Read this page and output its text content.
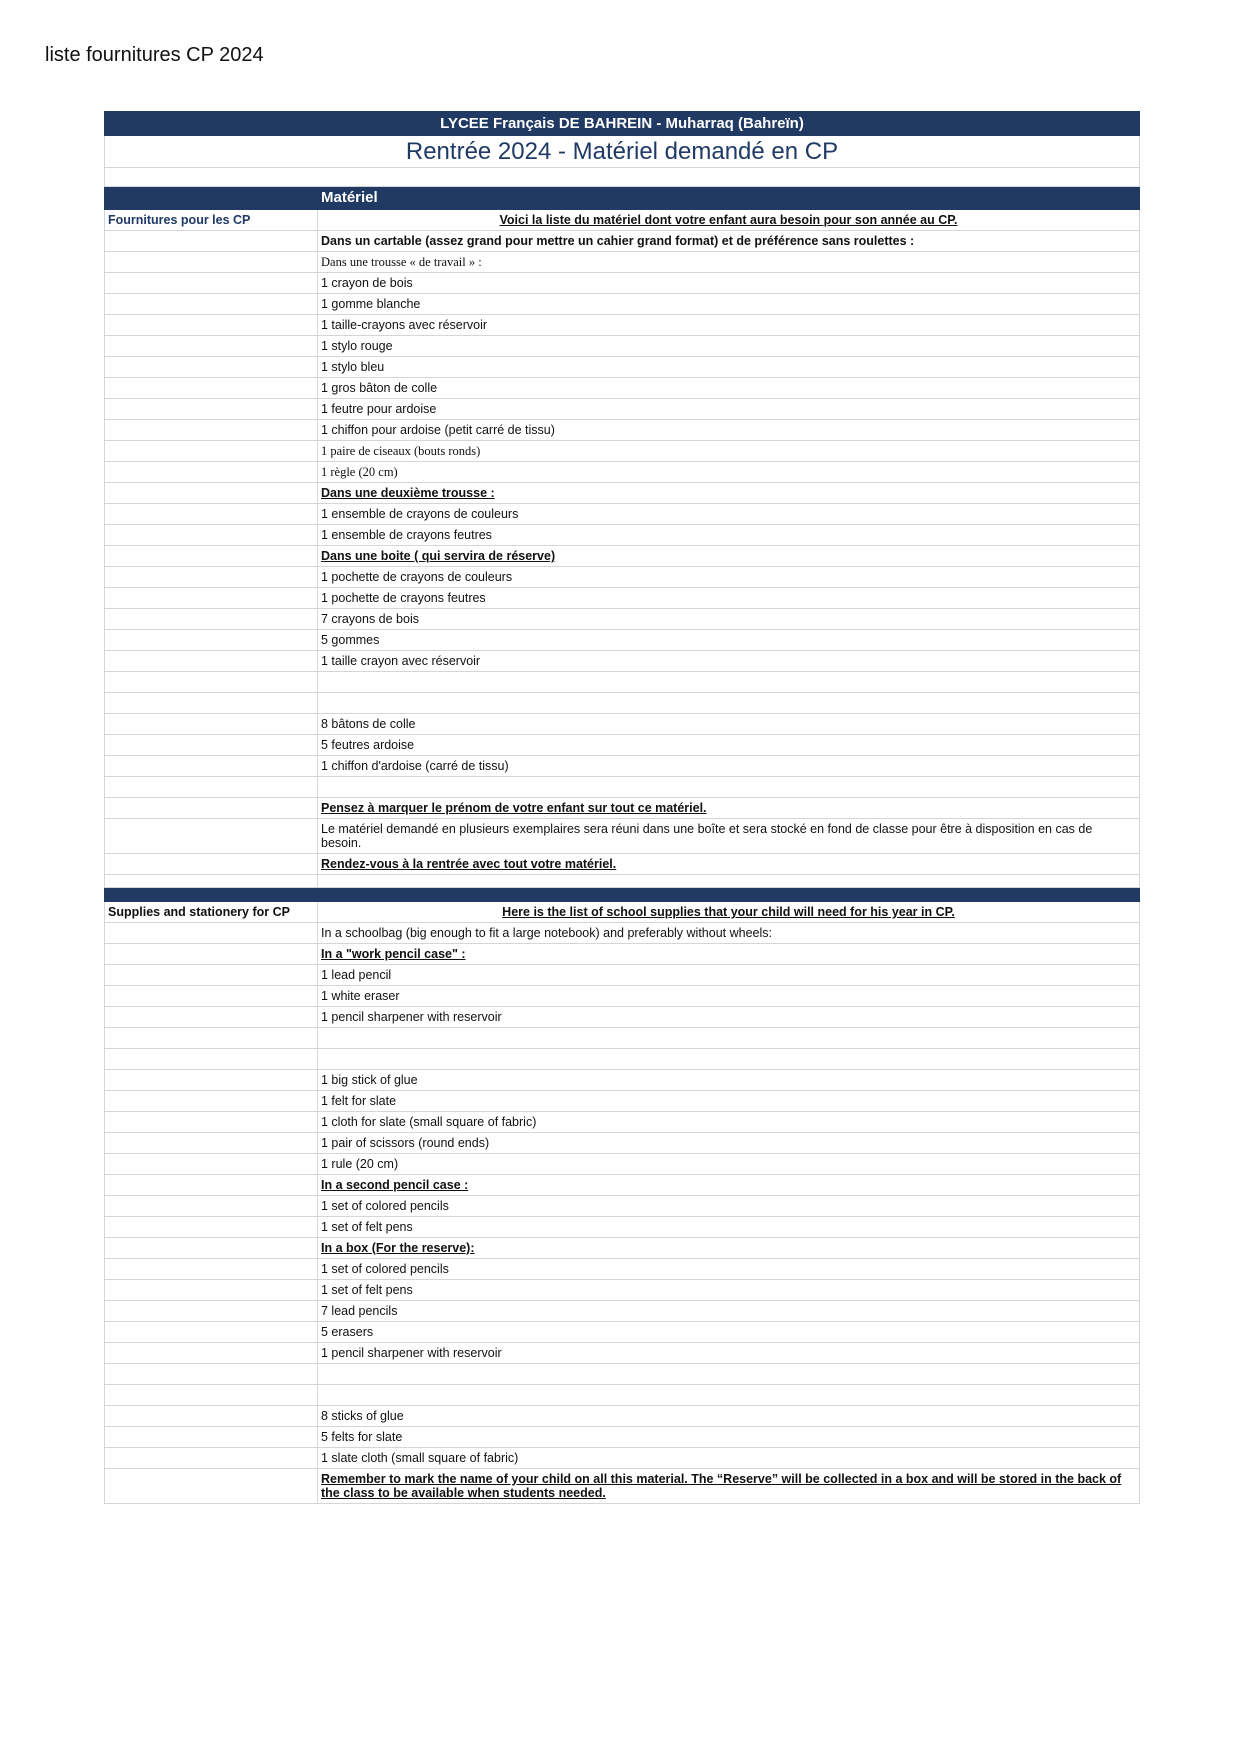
liste fournitures CP 2024
LYCEE Français DE BAHREIN - Muharraq (Bahreïn)	
Rentrée 2024 - Matériel demandé en CP	

	Matériel
Fournitures pour les CP	Voici la liste du matériel dont votre enfant aura besoin pour son année au CP.
	Dans un cartable (assez grand pour mettre un cahier grand format) et de préférence sans roulettes :
	Dans une trousse « de travail » :
	1 crayon de bois
	1 gomme blanche
	1 taille-crayons avec réservoir
	1 stylo rouge
	1 stylo bleu
	1 gros bâton de colle
	1 feutre pour ardoise
	1 chiffon pour ardoise (petit carré de tissu)
	1 paire de ciseaux (bouts ronds)
	1 règle (20 cm)
	Dans une deuxième trousse :
	1 ensemble de crayons de couleurs
	1 ensemble de crayons feutres
	Dans une boite ( qui servira de réserve)
	1 pochette de crayons de couleurs
	1 pochette de crayons feutres
	7 crayons de bois
	5 gommes
	1 taille crayon avec réservoir

	8 bâtons de colle
	5 feutres ardoise
	1 chiffon d'ardoise (carré de tissu)

	Pensez à marquer le prénom de votre enfant sur tout ce matériel.
	Le matériel demandé en plusieurs exemplaires sera réuni dans une boîte et sera stocké en fond de classe pour être à disposition en cas de besoin.
	Rendez-vous à la rentrée avec tout votre matériel.

Supplies and stationery for CP	Here is the list of school supplies that your child will need for his year in CP.
	In a schoolbag (big enough to fit a large notebook) and preferably without wheels:
	In a "work pencil case" :
	1 lead pencil
	1 white eraser
	1 pencil sharpener with reservoir

	1 big stick of glue
	1 felt for slate
	1 cloth for slate (small square of fabric)
	1 pair of scissors (round ends)
	1 rule (20 cm)
	In a second pencil case :
	1 set of colored pencils
	1 set of felt pens
	In a box (For the reserve):
	1 set of colored pencils
	1 set of felt pens
	7 lead pencils
	5 erasers
	1 pencil sharpener with reservoir

	8 sticks of glue
	5 felts for slate
	1 slate cloth (small square of fabric)
	Remember to mark the name of your child on all this material. The “Reserve” will be collected in a box and will be stored in the back of the class to be available when students needed.
